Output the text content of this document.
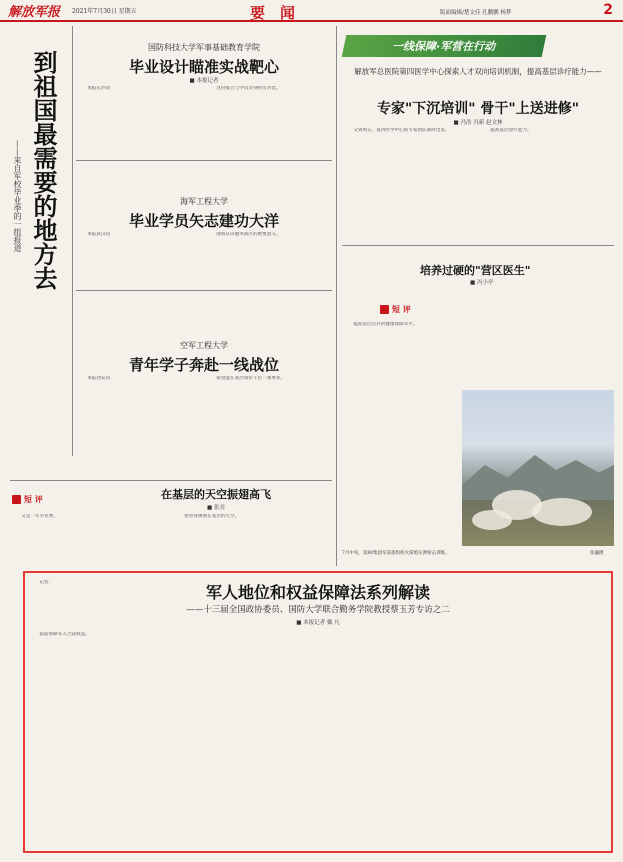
解放军报	2021年7月30日 星期五	要　闻	版面编辑/楚文佳 孔鹏鹏 杨梦	2
到祖国最需要的地方去
——来自军校毕业季的一组报道
国防科技大学军事基础教育学院
毕业设计瞄准实战靶心
■ 本报记者

本报长沙讯	这份报告与学员亲身经历对比。

海军工程大学
毕业学员矢志建功大洋

本报武汉讯	深刻认识服务战区的重要意义。

空军工程大学
青年学子奔赴一线战位

本报西安讯	希望能在基层岗位干出一番事业。

短 评	在基层的天空振翅高飞
■ 张亮

又是一年毕业季。	把青春镌刻在基层的天空。

一线保障·军营在行动
解放军总医院第四医学中心探索人才双向培训机制，提高基层诊疗能力——
专家"下沉培训" 骨干"上送进修"
■ 冯浩 冯新 赵文林

又到周五，第四医学中心的专家团队准时出发。	提高基层诊疗能力。

培养过硬的"营区医生"
■ 冯小亭
短 评

提高基层官兵的健康保障水平。

7月中旬，第80集团军某旅组织火箭炮实弹射击训练。	张巍摄
军人地位和权益保障法系列解读
——十三届全国政协委员、国防大学联合勤务学院教授蔡玉芳专访之二
■ 本报记者 戴 凡

记者：

依法保障军人合法权益。
